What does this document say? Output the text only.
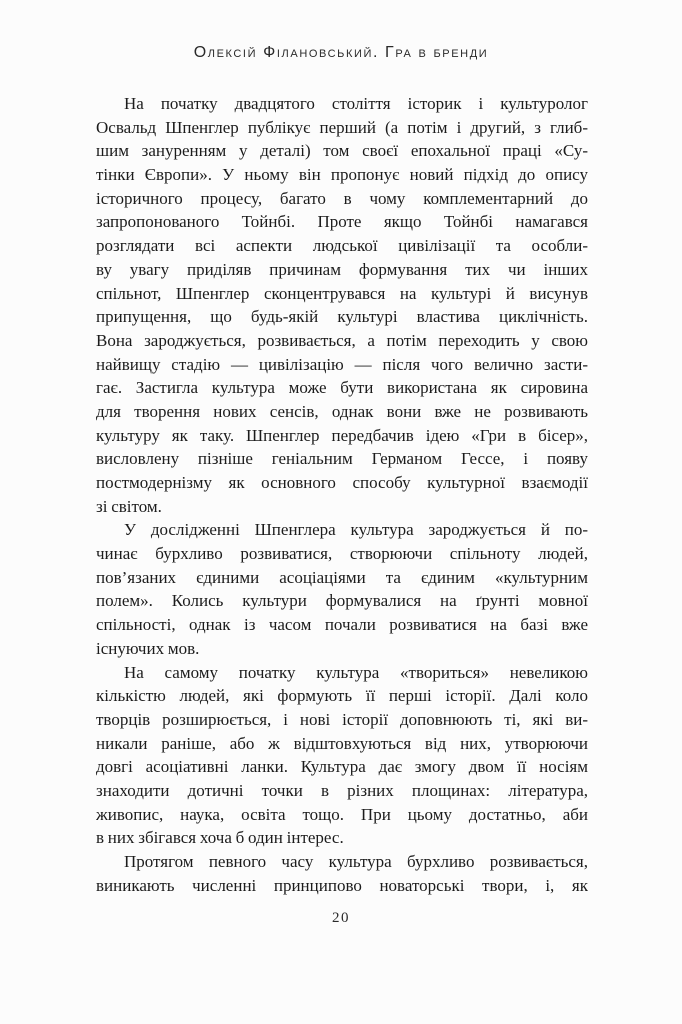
Олексій Філановський. Гра в бренди
На початку двадцятого століття історик і культуролог
Освальд Шпенглер публікує перший (а потім і другий, з глиб-
шим зануренням у деталі) том своєї епохальної праці «Су-
тінки Європи». У ньому він пропонує новий підхід до опису
історичного процесу, багато в чому комплементарний до
запропонованого Тойнбі. Проте якщо Тойнбі намагався
розглядати всі аспекти людської цивілізації та особли-
ву увагу приділяв причинам формування тих чи інших
спільнот, Шпенглер сконцентрувався на культурі й висунув
припущення, що будь-якій культурі властива циклічність.
Вона зароджується, розвивається, а потім переходить у свою
найвищу стадію — цивілізацію — після чого велично засти-
гає. Застигла культура може бути використана як сировина
для творення нових сенсів, однак вони вже не розвивають
культуру як таку. Шпенглер передбачив ідею «Гри в бісер»,
висловлену пізніше геніальним Германом Гессе, і появу
постмодернізму як основного способу культурної взаємодії
зі світом.
У дослідженні Шпенглера культура зароджується й по-
чинає бурхливо розвиватися, створюючи спільноту людей,
пов’язаних єдиними асоціаціями та єдиним «культурним
полем». Колись культури формувалися на ґрунті мовної
спільності, однак із часом почали розвиватися на базі вже
існуючих мов.
На самому початку культура «твориться» невеликою
кількістю людей, які формують її перші історії. Далі коло
творців розширюється, і нові історії доповнюють ті, які ви-
никали раніше, або ж відштовхуються від них, утворюючи
довгі асоціативні ланки. Культура дає змогу двом її носіям
знаходити дотичні точки в різних площинах: література,
живопис, наука, освіта тощо. При цьому достатньо, аби
в них збігався хоча б один інтерес.
Протягом певного часу культура бурхливо розвивається,
виникають численні принципово новаторські твори, і, як
20
